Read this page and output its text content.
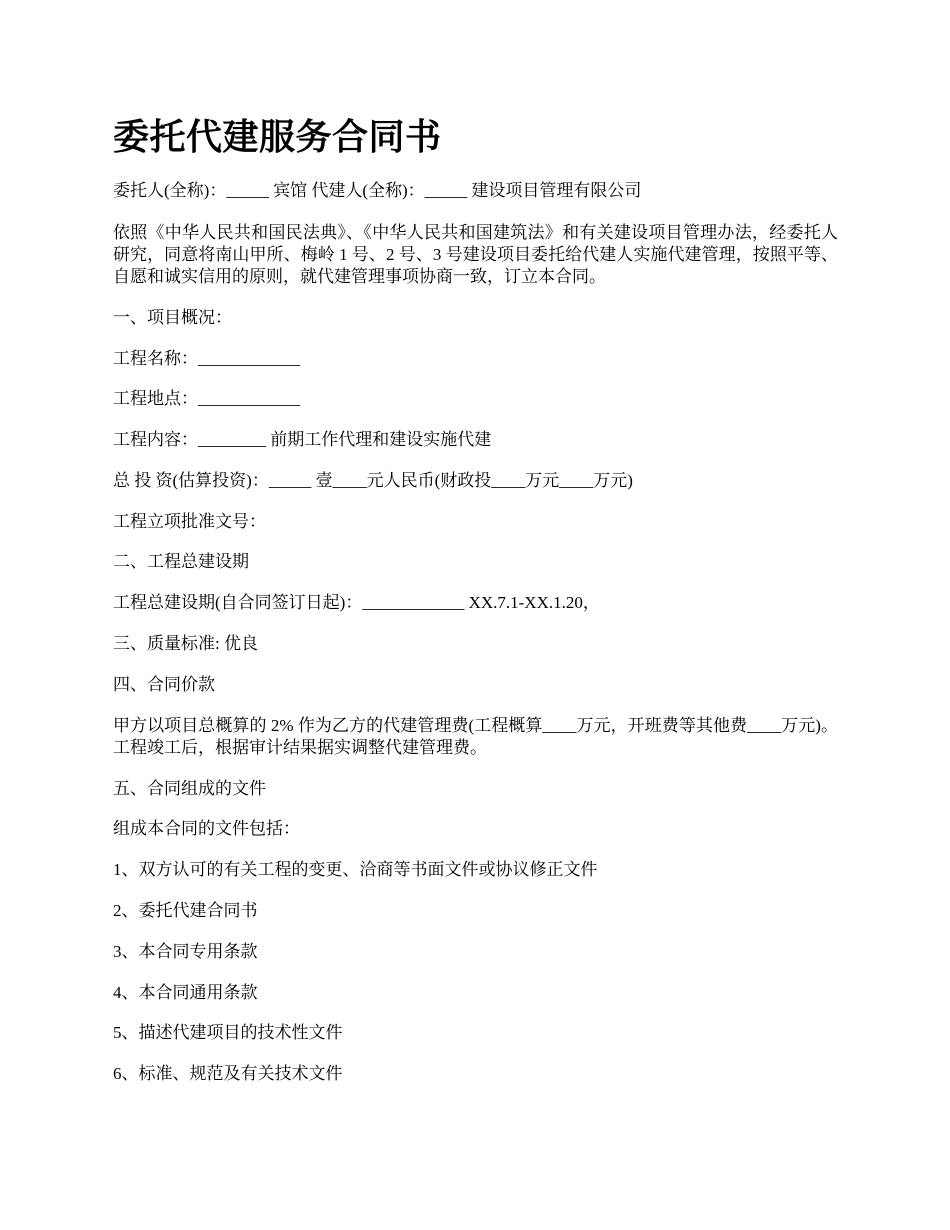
委托代建服务合同书

委托人(全称)：_____ 宾馆 代建人(全称)：_____ 建设项目管理有限公司

依照《中华人民共和国民法典》、《中华人民共和国建筑法》和有关建设项目管理办法，经委托人研究，同意将南山甲所、梅岭 1 号、2 号、3 号建设项目委托给代建人实施代建管理，按照平等、自愿和诚实信用的原则，就代建管理事项协商一致，订立本合同。

一、项目概况：

工程名称：____________

工程地点：____________

工程内容：________ 前期工作代理和建设实施代建

总 投 资(估算投资)：_____ 壹____元人民币(财政投____万元____万元)

工程立项批准文号：

二、工程总建设期

工程总建设期(自合同签订日起)：____________ XX.7.1-XX.1.20，

三、质量标准: 优良

四、合同价款

甲方以项目总概算的 2% 作为乙方的代建管理费(工程概算____万元，开班费等其他费____万元)。工程竣工后，根据审计结果据实调整代建管理费。

五、合同组成的文件

组成本合同的文件包括：

1、双方认可的有关工程的变更、洽商等书面文件或协议修正文件

2、委托代建合同书

3、本合同专用条款

4、本合同通用条款

5、描述代建项目的技术性文件

6、标准、规范及有关技术文件
